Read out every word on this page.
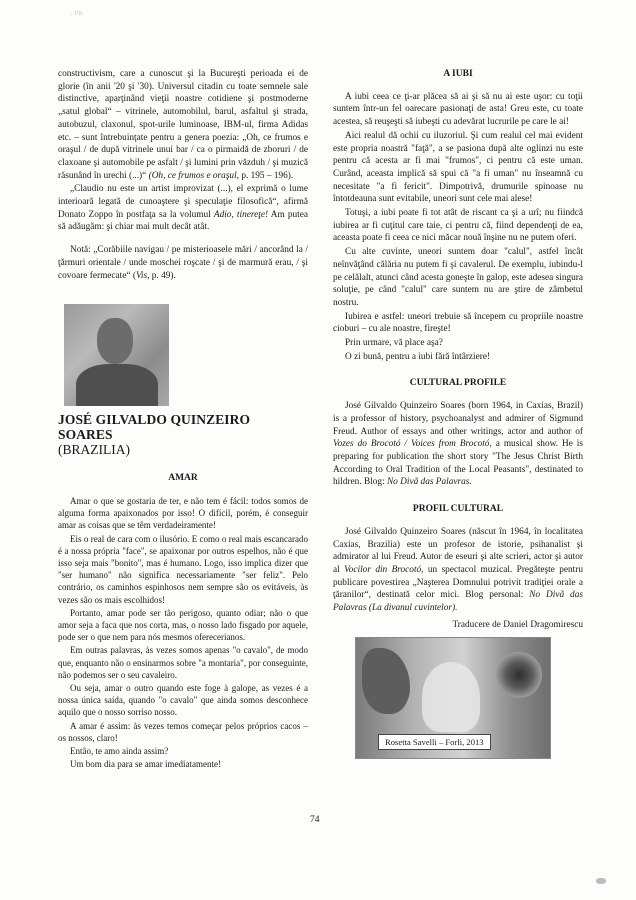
ᵤ ᴘʙᵢ

constructivism, care a cunoscut şi la Bucureşti perioada ei de glorie (în anii '20 şi '30). Universul citadin cu toate semnele sale distinctive, aparţinând vieţii noastre cotidiene şi postmoderne „satul global“ – vitrinele, automobilul, barul, asfaltul şi strada, autobuzul, claxonul, spot-urile luminoase, IBM-ul, firma Adidas etc. – sunt întrebuinţate pentru a genera poezia: „Oh, ce frumos e oraşul / de după vitrinele unui bar / ca o pirmaidă de zboruri / de claxoane şi automobile pe asfalt / şi lumini prin văzduh / şi muzică răsunând în urechi (...)“ (Oh, ce frumos e oraşul, p. 195 – 196).

„Claudio nu este un artist improvizat (...), el exprimă o lume interioară legată de cunoaştere şi speculaţie filosofică“, afirmă Donato Zoppo în postfaţa sa la volumul Adio, tinereţe! Am putea să adăugăm: şi chiar mai mult decât atât.

Notă: „Corăbiile navigau / pe misterioasele mări / ancorând la / ţărmuri orientale / unde moschei roşcate / şi de marmură erau, / şi covoare fermecate“ (Vis, p. 49).

JOSÉ GILVALDO QUINZEIRO SOARES
(BRAZILIA)
AMAR

Amar o que se gostaria de ter, e não tem é fácil: todos somos de alguma forma apaixonados por isso! O difícil, porém, é conseguir amar as coisas que se têm verdadeiramente!

Eis o real de cara com o ilusório. E como o real mais escancarado é a nossa própria "face", se apaixonar por outros espelhos, não é que isso seja mais "bonito", mas é humano. Logo, isso implica dizer que "ser humano" não significa necessariamente "ser feliz". Pelo contrário, os caminhos espinhosos nem sempre são os evitáveis, às vezes são os mais escolhidos!

Portanto, amar pode ser tão perigoso, quanto odiar; não o que amor seja a faca que nos corta, mas, o nosso lado fisgado por aquele, pode ser o que nem para nós mesmos oferecerianos.

Em outras palavras, às vezes somos apenas "o cavalo", de modo que, enquanto não o ensinarmos sobre "a montaria", por conseguinte, não podemos ser o seu cavaleiro.

Ou seja, amar o outro quando este foge à galope, as vezes é a nossa única saída, quando "o cavalo" que ainda somos desconhece aquilo que o nosso sorriso nosso.

A amar é assim: às vezes temos começar pelos próprios cacos – os nossos, claro!

Então, te amo ainda assim?

Um bom dia para se amar imediatamente!

A IUBI

A iubi ceea ce ţi-ar plăcea să ai şi să nu ai este uşor: cu toţii suntem într-un fel oarecare pasionaţi de asta! Greu este, cu toate acestea, să reuşeşti să iubeşti cu adevărat lucrurile pe care le ai!

Aici realul dă ochii cu iluzoriul. Şi cum realul cel mai evident este propria noastră "faţă", a se pasiona după alte oglinzi nu este pentru că acesta ar fi mai "frumos", ci pentru că este uman. Curând, aceasta implică să spui că "a fi uman" nu înseamnă cu necesitate "a fi fericit". Dimpotrivă, drumurile spinoase nu întotdeauna sunt evitabile, uneori sunt cele mai alese!

Totuşi, a iubi poate fi tot atât de riscant ca şi a urî; nu fiindcă iubirea ar fi cuţitul care taie, ci pentru că, fiind dependenţi de ea, aceasta poate fi ceea ce nici măcar nouă înşine nu ne putem oferi.

Cu alte cuvinte, uneori suntem doar "calul", astfel încât neînvăţând călăria nu putem fi şi cavalerul. De exemplu, iubindu-l pe celălalt, atunci când acesta goneşte în galop, este adesea singura soluţie, pe când "calul" care suntem nu are ştire de zâmbetul nostru.

Iubirea e astfel: uneori trebuie să începem cu propriile noastre cioburi – cu ale noastre, fireşte!

Prin urmare, vă place aşa?

O zi bună, pentru a iubi fără întârziere!

CULTURAL PROFILE

José Gilvaldo Quinzeiro Soares (born 1964, in Caxias, Brazil) is a professor of history, psychoanalyst and admirer of Sigmund Freud. Author of essays and other writings, actor and author of Vozes do Brocotó / Voices from Brocotó, a musical show. He is preparing for publication the short story "The Jesus Christ Birth According to Oral Tradition of the Local Peasants", destinated to hildren. Blog: No Divã das Palavras.

PROFIL CULTURAL

José Gilvaldo Quinzeiro Soares (născut în 1964, în localitatea Caxias, Brazilia) este un profesor de istorie, psihanalist şi admirator al lui Freud. Autor de eseuri şi alte scrieri, actor şi autor al Vocilor din Brocotó, un spectacol muzical. Pregăteşte pentru publicare povestirea „Naşterea Domnului potrivit tradiţiei orale a ţăranilor“, destinată celor mici. Blog personal: No Divã das Palavras (La divanul cuvintelor).

Traducere de Daniel Dragomirescu
Rosetta Savelli – Forlì, 2013
74
